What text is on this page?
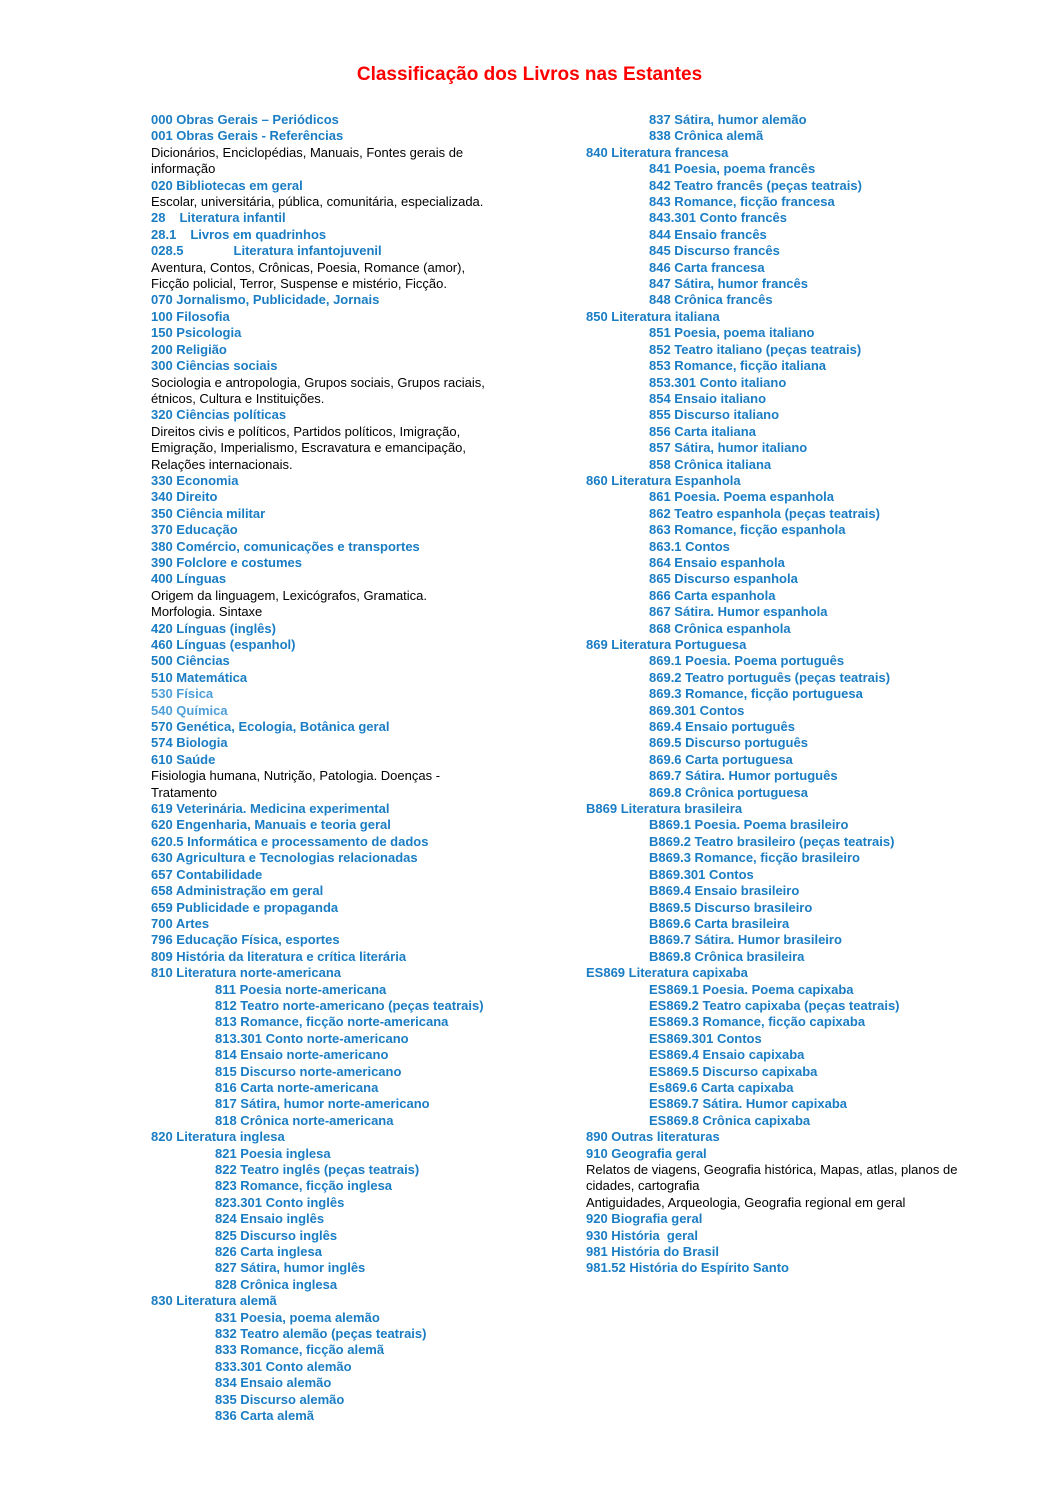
Classificação dos Livros nas Estantes
000 Obras Gerais – Periódicos
001 Obras Gerais - Referências
Dicionários, Enciclopédias, Manuais, Fontes gerais de informação
020 Bibliotecas em geral
Escolar, universitária, pública, comunitária, especializada.
28 Literatura infantil
28.1 Livros em quadrinhos
028.5	Literatura infantojuvenil
Aventura, Contos, Crônicas, Poesia, Romance (amor), Ficção policial, Terror, Suspense e mistério, Ficção.
070 Jornalismo, Publicidade, Jornais
100 Filosofia
150 Psicologia
200 Religião
300 Ciências sociais
Sociologia e antropologia, Grupos sociais, Grupos raciais, étnicos, Cultura e Instituições.
320 Ciências políticas
Direitos civis e políticos, Partidos políticos, Imigração, Emigração, Imperialismo, Escravatura e emancipação, Relações internacionais.
330 Economia
340 Direito
350 Ciência militar
370 Educação
380 Comércio, comunicações e transportes
390 Folclore e costumes
400 Línguas
Origem da linguagem, Lexicógrafos, Gramatica. Morfologia. Sintaxe
420 Línguas (inglês)
460 Línguas (espanhol)
500 Ciências
510 Matemática
530 Física
540 Química
570 Genética, Ecologia, Botânica geral
574 Biologia
610 Saúde
Fisiologia humana, Nutrição, Patologia. Doenças - Tratamento
619 Veterinária. Medicina experimental
620 Engenharia, Manuais e teoria geral
620.5 Informática e processamento de dados
630 Agricultura e Tecnologias relacionadas
657 Contabilidade
658 Administração em geral
659 Publicidade e propaganda
700 Artes
796 Educação Física, esportes
809 História da literatura e crítica literária
810 Literatura norte-americana
811 Poesia norte-americana
812 Teatro norte-americano (peças teatrais)
813 Romance, ficção norte-americana
813.301 Conto norte-americano
814 Ensaio norte-americano
815 Discurso norte-americano
816 Carta norte-americana
817 Sátira, humor norte-americano
818 Crônica norte-americana
820 Literatura inglesa
821 Poesia inglesa
822 Teatro inglês (peças teatrais)
823 Romance, ficção inglesa
823.301 Conto inglês
824 Ensaio inglês
825 Discurso inglês
826 Carta inglesa
827 Sátira, humor inglês
828 Crônica inglesa
830 Literatura alemã
831 Poesia, poema alemão
832 Teatro alemão (peças teatrais)
833 Romance, ficção alemã
833.301 Conto alemão
834 Ensaio alemão
835 Discurso alemão
836 Carta alemã
837 Sátira, humor alemão
838 Crônica alemã
840 Literatura francesa
841 Poesia, poema francês
842 Teatro francês (peças teatrais)
843 Romance, ficção francesa
843.301 Conto francês
844 Ensaio francês
845 Discurso francês
846 Carta francesa
847 Sátira, humor francês
848 Crônica francês
850 Literatura italiana
851 Poesia, poema italiano
852 Teatro italiano (peças teatrais)
853 Romance, ficção italiana
853.301 Conto italiano
854 Ensaio italiano
855 Discurso italiano
856 Carta italiana
857 Sátira, humor italiano
858 Crônica italiana
860 Literatura Espanhola
861 Poesia. Poema espanhola
862 Teatro espanhola (peças teatrais)
863 Romance, ficção espanhola
863.1 Contos
864 Ensaio espanhola
865 Discurso espanhola
866 Carta espanhola
867 Sátira. Humor espanhola
868 Crônica espanhola
869 Literatura Portuguesa
869.1 Poesia. Poema português
869.2 Teatro português (peças teatrais)
869.3 Romance, ficção portuguesa
869.301 Contos
869.4 Ensaio português
869.5 Discurso português
869.6 Carta portuguesa
869.7 Sátira. Humor português
869.8 Crônica portuguesa
B869 Literatura brasileira
B869.1 Poesia. Poema brasileiro
B869.2 Teatro brasileiro (peças teatrais)
B869.3 Romance, ficção brasileiro
B869.301 Contos
B869.4 Ensaio brasileiro
B869.5 Discurso brasileiro
B869.6 Carta brasileira
B869.7 Sátira. Humor brasileiro
B869.8 Crônica brasileira
ES869 Literatura capixaba
ES869.1 Poesia. Poema capixaba
ES869.2 Teatro capixaba (peças teatrais)
ES869.3 Romance, ficção capixaba
ES869.301 Contos
ES869.4 Ensaio capixaba
ES869.5 Discurso capixaba
Es869.6 Carta capixaba
ES869.7 Sátira. Humor capixaba
ES869.8 Crônica capixaba
890 Outras literaturas
910 Geografia geral
Relatos de viagens, Geografia histórica, Mapas, atlas, planos de cidades, cartografia
Antiguidades, Arqueologia, Geografia regional em geral
920 Biografia geral
930 História  geral
981 História do Brasil
981.52 História do Espírito Santo
